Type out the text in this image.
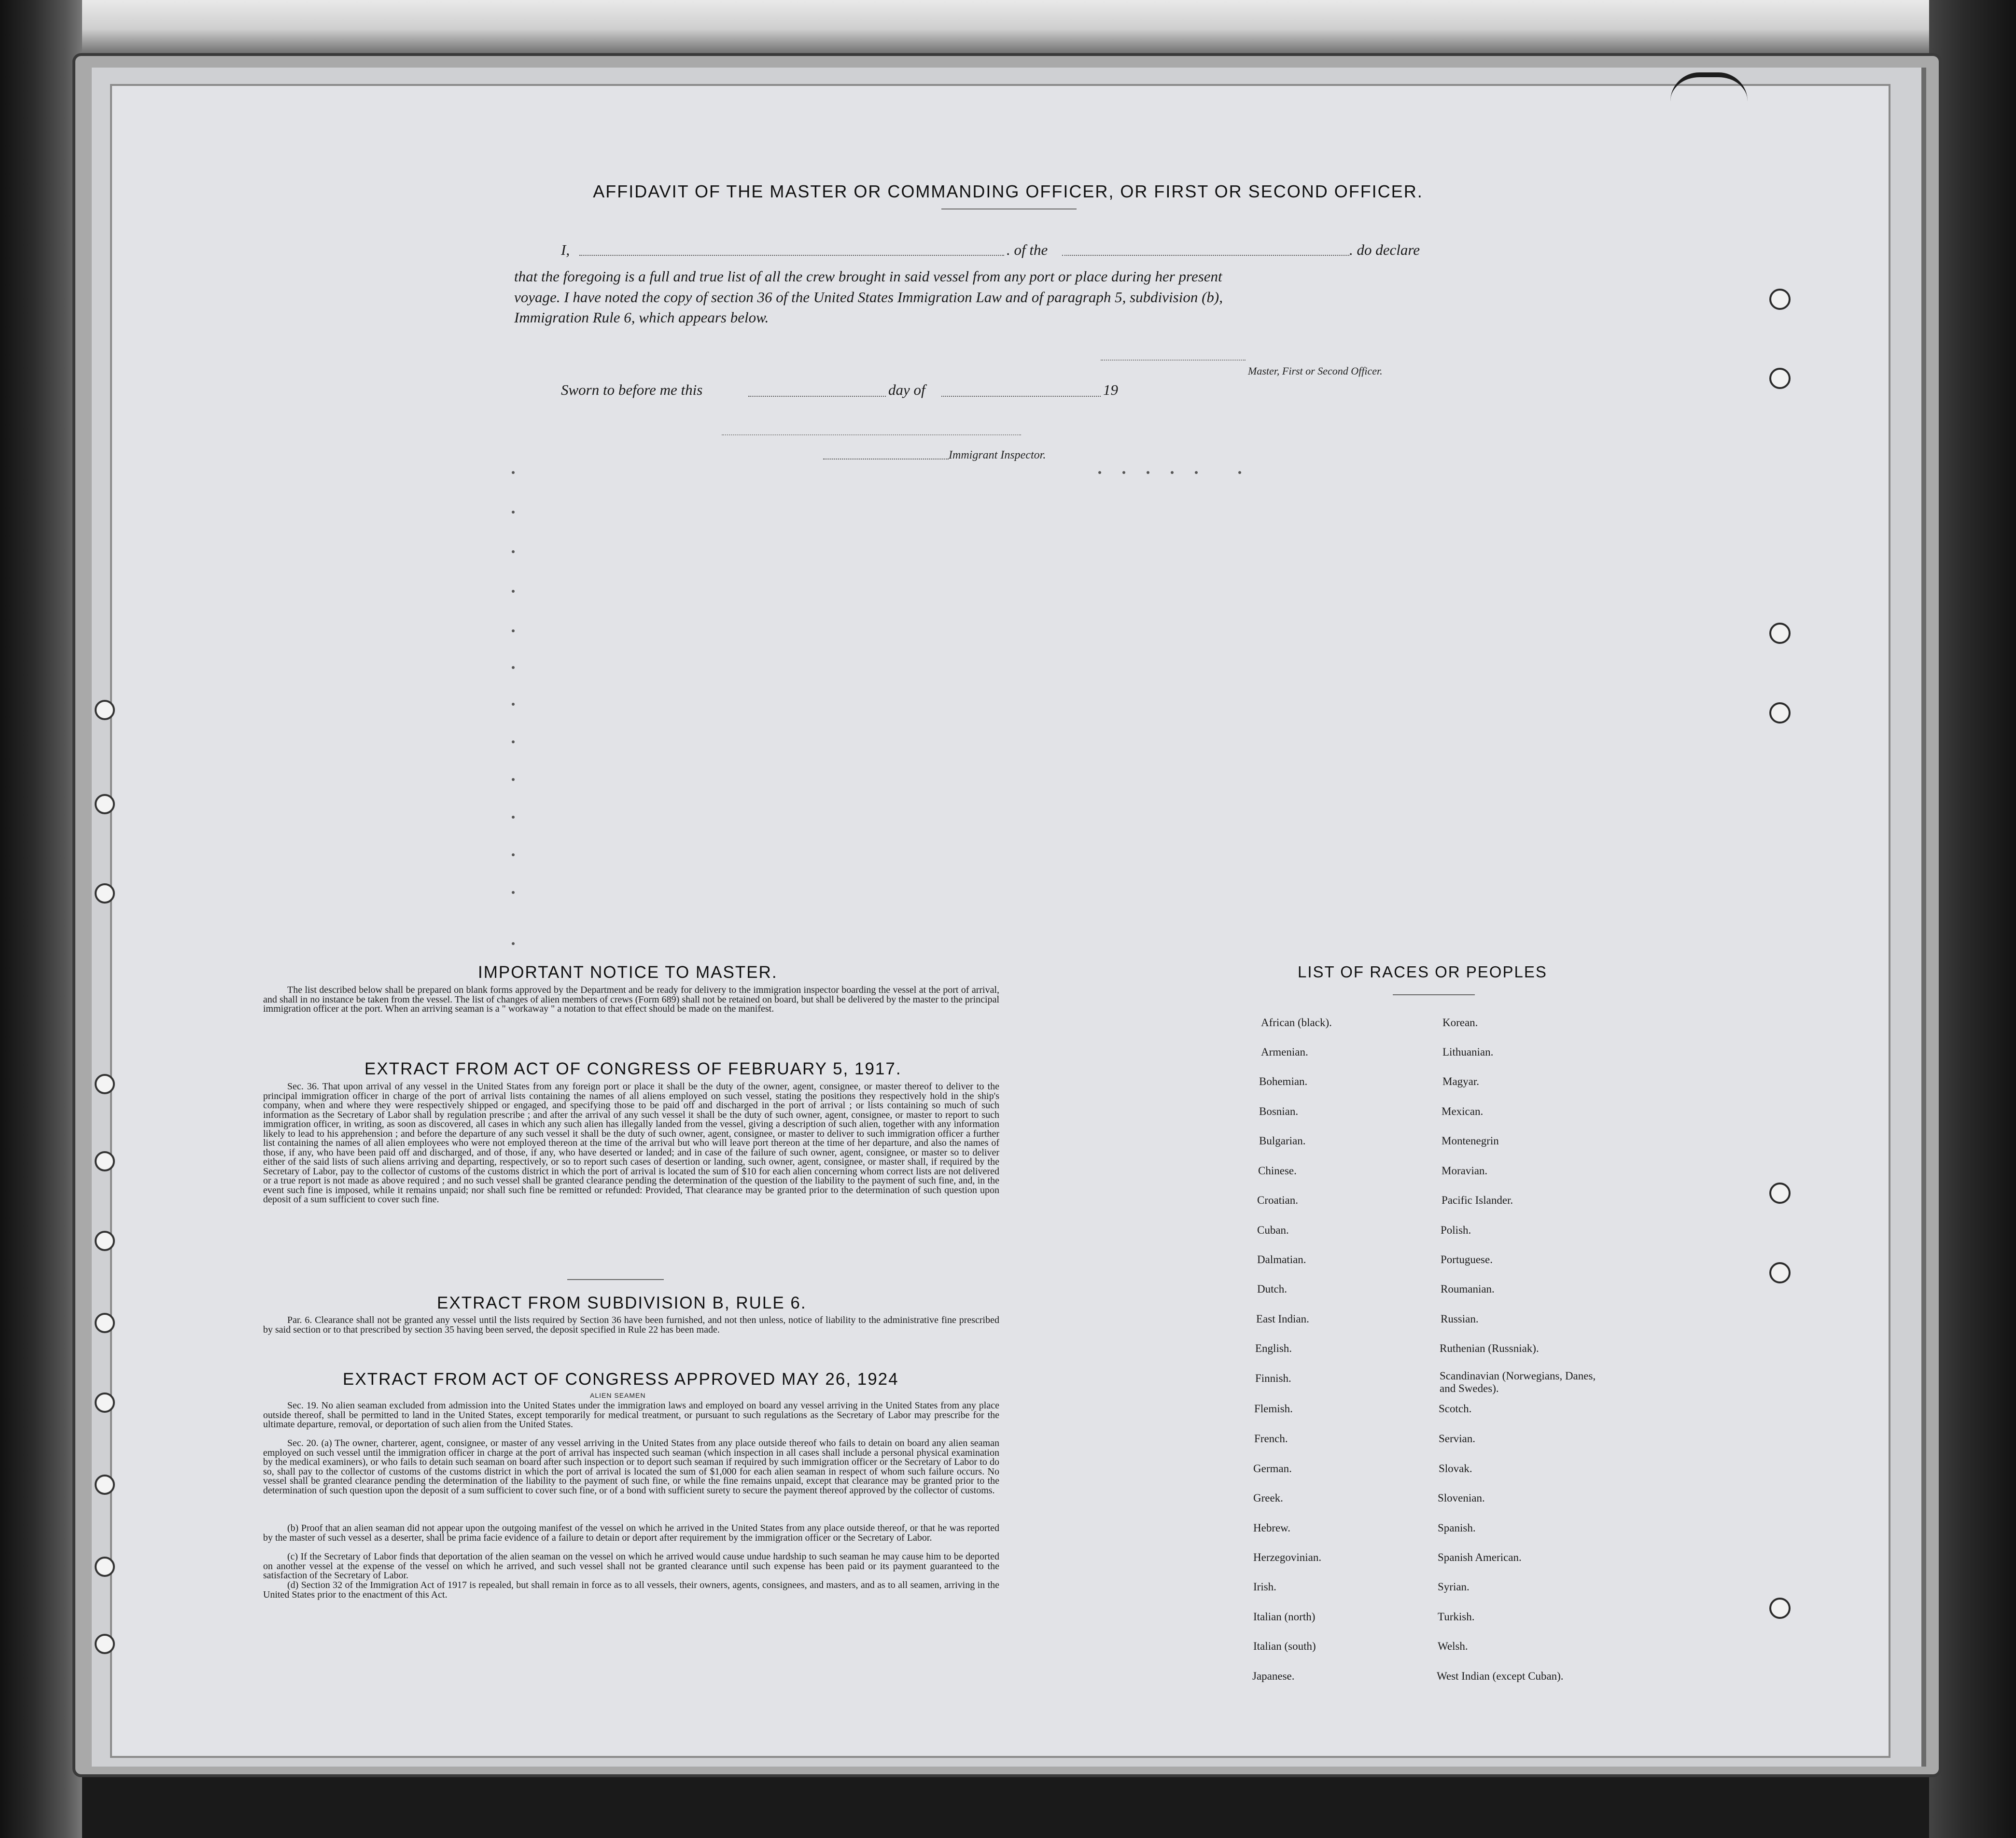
AFFIDAVIT OF THE MASTER OR COMMANDING OFFICER, OR FIRST OR SECOND OFFICER.
I,	. of the	. do declare
that the foregoing is a full and true list of all the crew brought in said vessel from any port or place during her present
voyage. I have noted the copy of section 36 of the United States Immigration Law and of paragraph 5, subdivision (b),
Immigration Rule 6, which appears below.
Master, First or Second Officer.
Sworn to before me this	day of	19
Immigrant Inspector.
IMPORTANT NOTICE TO MASTER.
The list described below shall be prepared on blank forms approved by the Department and be ready for delivery to the immigration inspector boarding the vessel at the port of arrival, and shall in no instance be taken from the vessel. The list of changes of alien members of crews (Form 689) shall not be retained on board, but shall be delivered by the master to the principal immigration officer at the port. When an arriving seaman is a " workaway " a notation to that effect should be made on the manifest.
EXTRACT FROM ACT OF CONGRESS OF FEBRUARY 5, 1917.
Sec. 36. That upon arrival of any vessel in the United States from any foreign port or place it shall be the duty of the owner, agent, consignee, or master thereof to deliver to the principal immigration officer in charge of the port of arrival lists containing the names of all aliens employed on such vessel, stating the positions they respectively hold in the ship's company, when and where they were respectively shipped or engaged, and specifying those to be paid off and discharged in the port of arrival ; or lists containing so much of such information as the Secretary of Labor shall by regulation prescribe ; and after the arrival of any such vessel it shall be the duty of such owner, agent, consignee, or master to report to such immigration officer, in writing, as soon as discovered, all cases in which any such alien has illegally landed from the vessel, giving a description of such alien, together with any information likely to lead to his apprehension ; and before the departure of any such vessel it shall be the duty of such owner, agent, consignee, or master to deliver to such immigration officer a further list containing the names of all alien employees who were not employed thereon at the time of the arrival but who will leave port thereon at the time of her departure, and also the names of those, if any, who have been paid off and discharged, and of those, if any, who have deserted or landed; and in case of the failure of such owner, agent, consignee, or master so to deliver either of the said lists of such aliens arriving and departing, respectively, or so to report such cases of desertion or landing, such owner, agent, consignee, or master shall, if required by the Secretary of Labor, pay to the collector of customs of the customs district in which the port of arrival is located the sum of $10 for each alien concerning whom correct lists are not delivered or a true report is not made as above required ; and no such vessel shall be granted clearance pending the determination of the question of the liability to the payment of such fine, and, in the event such fine is imposed, while it remains unpaid; nor shall such fine be remitted or refunded: Provided, That clearance may be granted prior to the determination of such question upon deposit of a sum sufficient to cover such fine.
EXTRACT FROM SUBDIVISION B, RULE 6.
Par. 6. Clearance shall not be granted any vessel until the lists required by Section 36 have been furnished, and not then unless, notice of liability to the administrative fine prescribed by said section or to that prescribed by section 35 having been served, the deposit specified in Rule 22 has been made.
EXTRACT FROM ACT OF CONGRESS APPROVED MAY 26, 1924
ALIEN SEAMEN
Sec. 19. No alien seaman excluded from admission into the United States under the immigration laws and employed on board any vessel arriving in the United States from any place outside thereof, shall be permitted to land in the United States, except temporarily for medical treatment, or pursuant to such regulations as the Secretary of Labor may prescribe for the ultimate departure, removal, or deportation of such alien from the United States.
Sec. 20. (a) The owner, charterer, agent, consignee, or master of any vessel arriving in the United States from any place outside thereof who fails to detain on board any alien seaman employed on such vessel until the immigration officer in charge at the port of arrival has inspected such seaman (which inspection in all cases shall include a personal physical examination by the medical examiners), or who fails to detain such seaman on board after such inspection or to deport such seaman if required by such immigration officer or the Secretary of Labor to do so, shall pay to the collector of customs of the customs district in which the port of arrival is located the sum of $1,000 for each alien seaman in respect of whom such failure occurs. No vessel shall be granted clearance pending the determination of the liability to the payment of such fine, or while the fine remains unpaid, except that clearance may be granted prior to the determination of such question upon the deposit of a sum sufficient to cover such fine, or of a bond with sufficient surety to secure the payment thereof approved by the collector of customs.
(b) Proof that an alien seaman did not appear upon the outgoing manifest of the vessel on which he arrived in the United States from any place outside thereof, or that he was reported by the master of such vessel as a deserter, shall be prima facie evidence of a failure to detain or deport after requirement by the immigration officer or the Secretary of Labor.
(c) If the Secretary of Labor finds that deportation of the alien seaman on the vessel on which he arrived would cause undue hardship to such seaman he may cause him to be deported on another vessel at the expense of the vessel on which he arrived, and such vessel shall not be granted clearance until such expense has been paid or its payment guaranteed to the satisfaction of the Secretary of Labor.
(d) Section 32 of the Immigration Act of 1917 is repealed, but shall remain in force as to all vessels, their owners, agents, consignees, and masters, and as to all seamen, arriving in the United States prior to the enactment of this Act.
LIST OF RACES OR PEOPLES
African (black).
Armenian.
Bohemian.
Bosnian.
Bulgarian.
Chinese.
Croatian.
Cuban.
Dalmatian.
Dutch.
East Indian.
English.
Finnish.
Flemish.
French.
German.
Greek.
Hebrew.
Herzegovinian.
Irish.
Italian (north)
Italian (south)
Japanese.
Korean.
Lithuanian.
Magyar.
Mexican.
Montenegrin
Moravian.
Pacific Islander.
Polish.
Portuguese.
Roumanian.
Russian.
Ruthenian (Russniak).
Scandinavian (Norwegians, Danes, and Swedes).
Scotch.
Servian.
Slovak.
Slovenian.
Spanish.
Spanish American.
Syrian.
Turkish.
Welsh.
West Indian (except Cuban).
